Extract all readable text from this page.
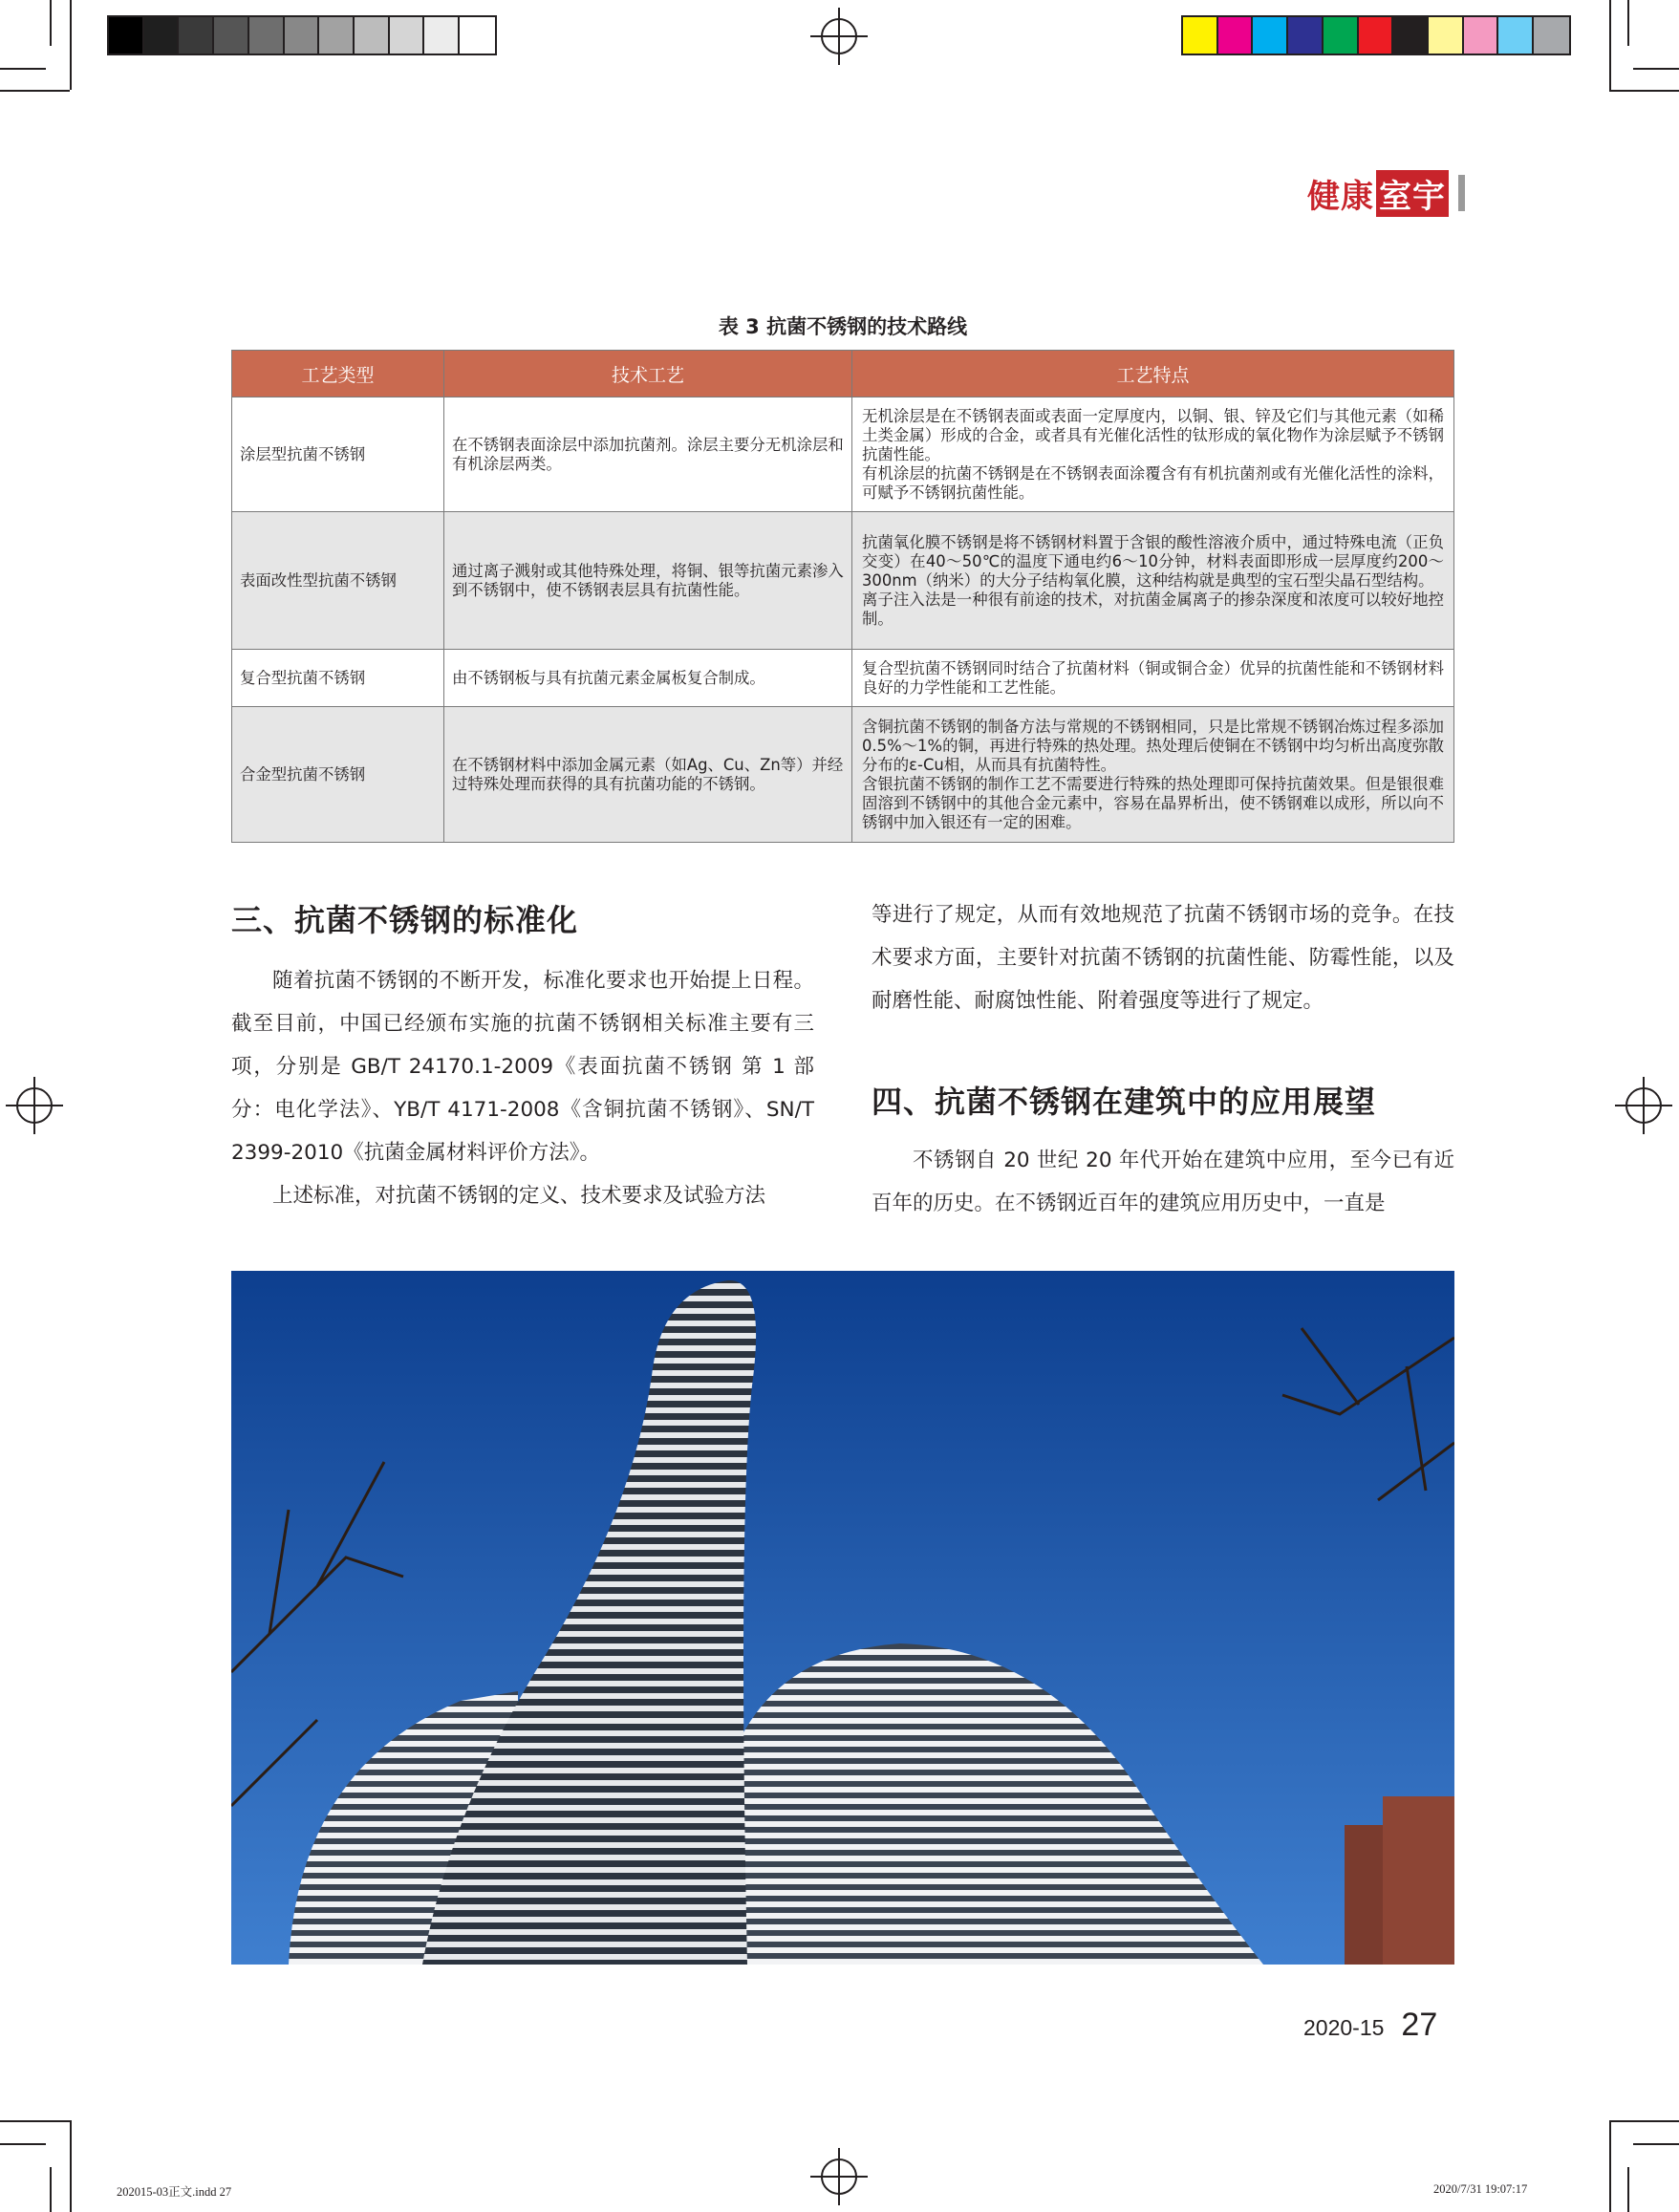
健康 室宇
表 3 抗菌不锈钢的技术路线
工艺类型	技术工艺	工艺特点
涂层型抗菌不锈钢	在不锈钢表面涂层中添加抗菌剂。涂层主要分无机涂层和有机涂层两类。	无机涂层是在不锈钢表面或表面一定厚度内，以铜、银、锌及它们与其他元素（如稀土类金属）形成的合金，或者具有光催化活性的钛形成的氧化物作为涂层赋予不锈钢抗菌性能。
有机涂层的抗菌不锈钢是在不锈钢表面涂覆含有有机抗菌剂或有光催化活性的涂料，可赋予不锈钢抗菌性能。

表面改性型抗菌不锈钢	通过离子溅射或其他特殊处理，将铜、银等抗菌元素渗入到不锈钢中，使不锈钢表层具有抗菌性能。	抗菌氧化膜不锈钢是将不锈钢材料置于含银的酸性溶液介质中，通过特殊电流（正负交变）在40～50℃的温度下通电约6～10分钟，材料表面即形成一层厚度约200～300nm（纳米）的大分子结构氧化膜，这种结构就是典型的宝石型尖晶石型结构。
离子注入法是一种很有前途的技术，对抗菌金属离子的掺杂深度和浓度可以较好地控制。

复合型抗菌不锈钢	由不锈钢板与具有抗菌元素金属板复合制成。	复合型抗菌不锈钢同时结合了抗菌材料（铜或铜合金）优异的抗菌性能和不锈钢材料良好的力学性能和工艺性能。

合金型抗菌不锈钢	在不锈钢材料中添加金属元素（如Ag、Cu、Zn等）并经过特殊处理而获得的具有抗菌功能的不锈钢。	含铜抗菌不锈钢的制备方法与常规的不锈钢相同，只是比常规不锈钢冶炼过程多添加0.5%～1%的铜，再进行特殊的热处理。热处理后使铜在不锈钢中均匀析出高度弥散分布的ε-Cu相，从而具有抗菌特性。
含银抗菌不锈钢的制作工艺不需要进行特殊的热处理即可保持抗菌效果。但是银很难固溶到不锈钢中的其他合金元素中，容易在晶界析出，使不锈钢难以成形，所以向不锈钢中加入银还有一定的困难。
三、抗菌不锈钢的标准化

随着抗菌不锈钢的不断开发，标准化要求也开始提上日程。截至目前，中国已经颁布实施的抗菌不锈钢相关标准主要有三项，分别是 GB/T 24170.1-2009《表面抗菌不锈钢 第 1 部分：电化学法》、YB/T 4171-2008《含铜抗菌不锈钢》、SN/T 2399-2010《抗菌金属材料评价方法》。

上述标准，对抗菌不锈钢的定义、技术要求及试验方法

等进行了规定，从而有效地规范了抗菌不锈钢市场的竞争。在技术要求方面，主要针对抗菌不锈钢的抗菌性能、防霉性能，以及耐磨性能、耐腐蚀性能、附着强度等进行了规定。

四、抗菌不锈钢在建筑中的应用展望

不锈钢自 20 世纪 20 年代开始在建筑中应用，至今已有近百年的历史。在不锈钢近百年的建筑应用历史中，一直是

2020-15 27
202015-03正文.indd 27	2020/7/31 19:07:17
